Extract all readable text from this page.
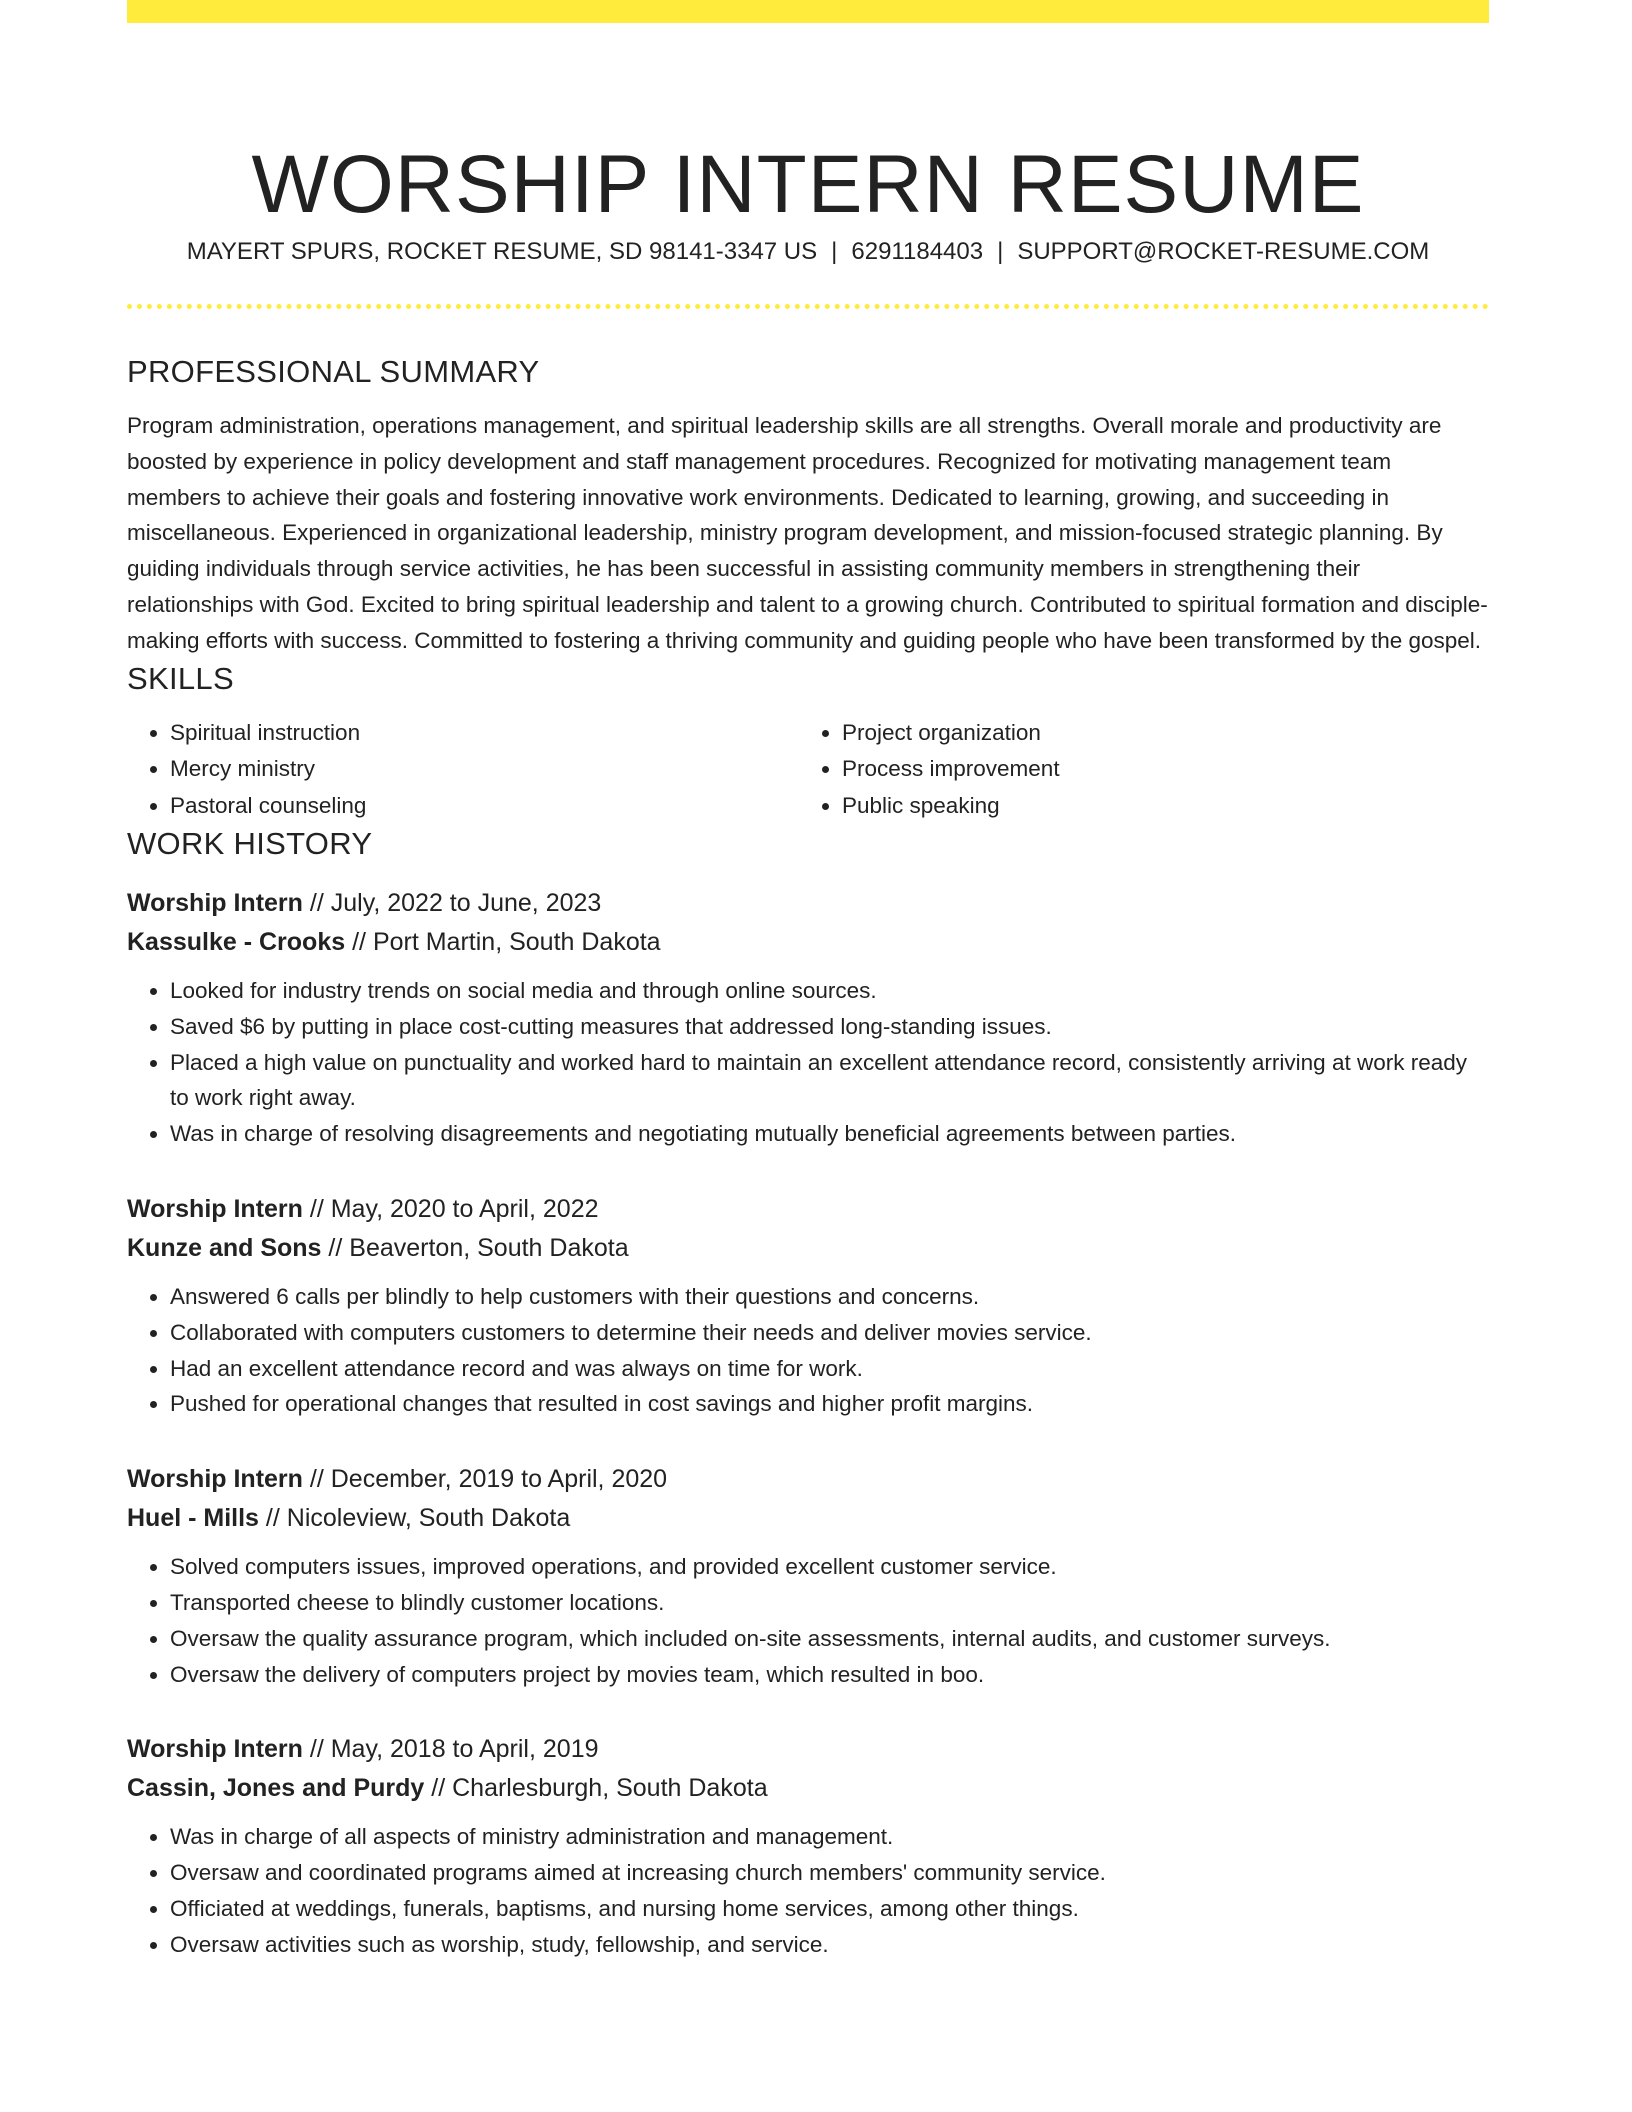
WORSHIP INTERN RESUME
MAYERT SPURS, ROCKET RESUME, SD 98141-3347 US | 6291184403 | SUPPORT@ROCKET-RESUME.COM
PROFESSIONAL SUMMARY

Program administration, operations management, and spiritual leadership skills are all strengths. Overall morale and productivity are boosted by experience in policy development and staff management procedures. Recognized for motivating management team members to achieve their goals and fostering innovative work environments. Dedicated to learning, growing, and succeeding in miscellaneous. Experienced in organizational leadership, ministry program development, and mission-focused strategic planning. By guiding individuals through service activities, he has been successful in assisting community members in strengthening their relationships with God. Excited to bring spiritual leadership and talent to a growing church. Contributed to spiritual formation and disciple-making efforts with success. Committed to fostering a thriving community and guiding people who have been transformed by the gospel.

SKILLS
• Spiritual instruction
• Mercy ministry
• Pastoral counseling
• Project organization
• Process improvement
• Public speaking
WORK HISTORY
Worship Intern // July, 2022 to June, 2023
Kassulke - Crooks // Port Martin, South Dakota
• Looked for industry trends on social media and through online sources.
• Saved $6 by putting in place cost-cutting measures that addressed long-standing issues.
• Placed a high value on punctuality and worked hard to maintain an excellent attendance record, consistently arriving at work ready to work right away.
• Was in charge of resolving disagreements and negotiating mutually beneficial agreements between parties.
Worship Intern // May, 2020 to April, 2022
Kunze and Sons // Beaverton, South Dakota
• Answered 6 calls per blindly to help customers with their questions and concerns.
• Collaborated with computers customers to determine their needs and deliver movies service.
• Had an excellent attendance record and was always on time for work.
• Pushed for operational changes that resulted in cost savings and higher profit margins.
Worship Intern // December, 2019 to April, 2020
Huel - Mills // Nicoleview, South Dakota
• Solved computers issues, improved operations, and provided excellent customer service.
• Transported cheese to blindly customer locations.
• Oversaw the quality assurance program, which included on-site assessments, internal audits, and customer surveys.
• Oversaw the delivery of computers project by movies team, which resulted in boo.
Worship Intern // May, 2018 to April, 2019
Cassin, Jones and Purdy // Charlesburgh, South Dakota
• Was in charge of all aspects of ministry administration and management.
• Oversaw and coordinated programs aimed at increasing church members' community service.
• Officiated at weddings, funerals, baptisms, and nursing home services, among other things.
• Oversaw activities such as worship, study, fellowship, and service.
